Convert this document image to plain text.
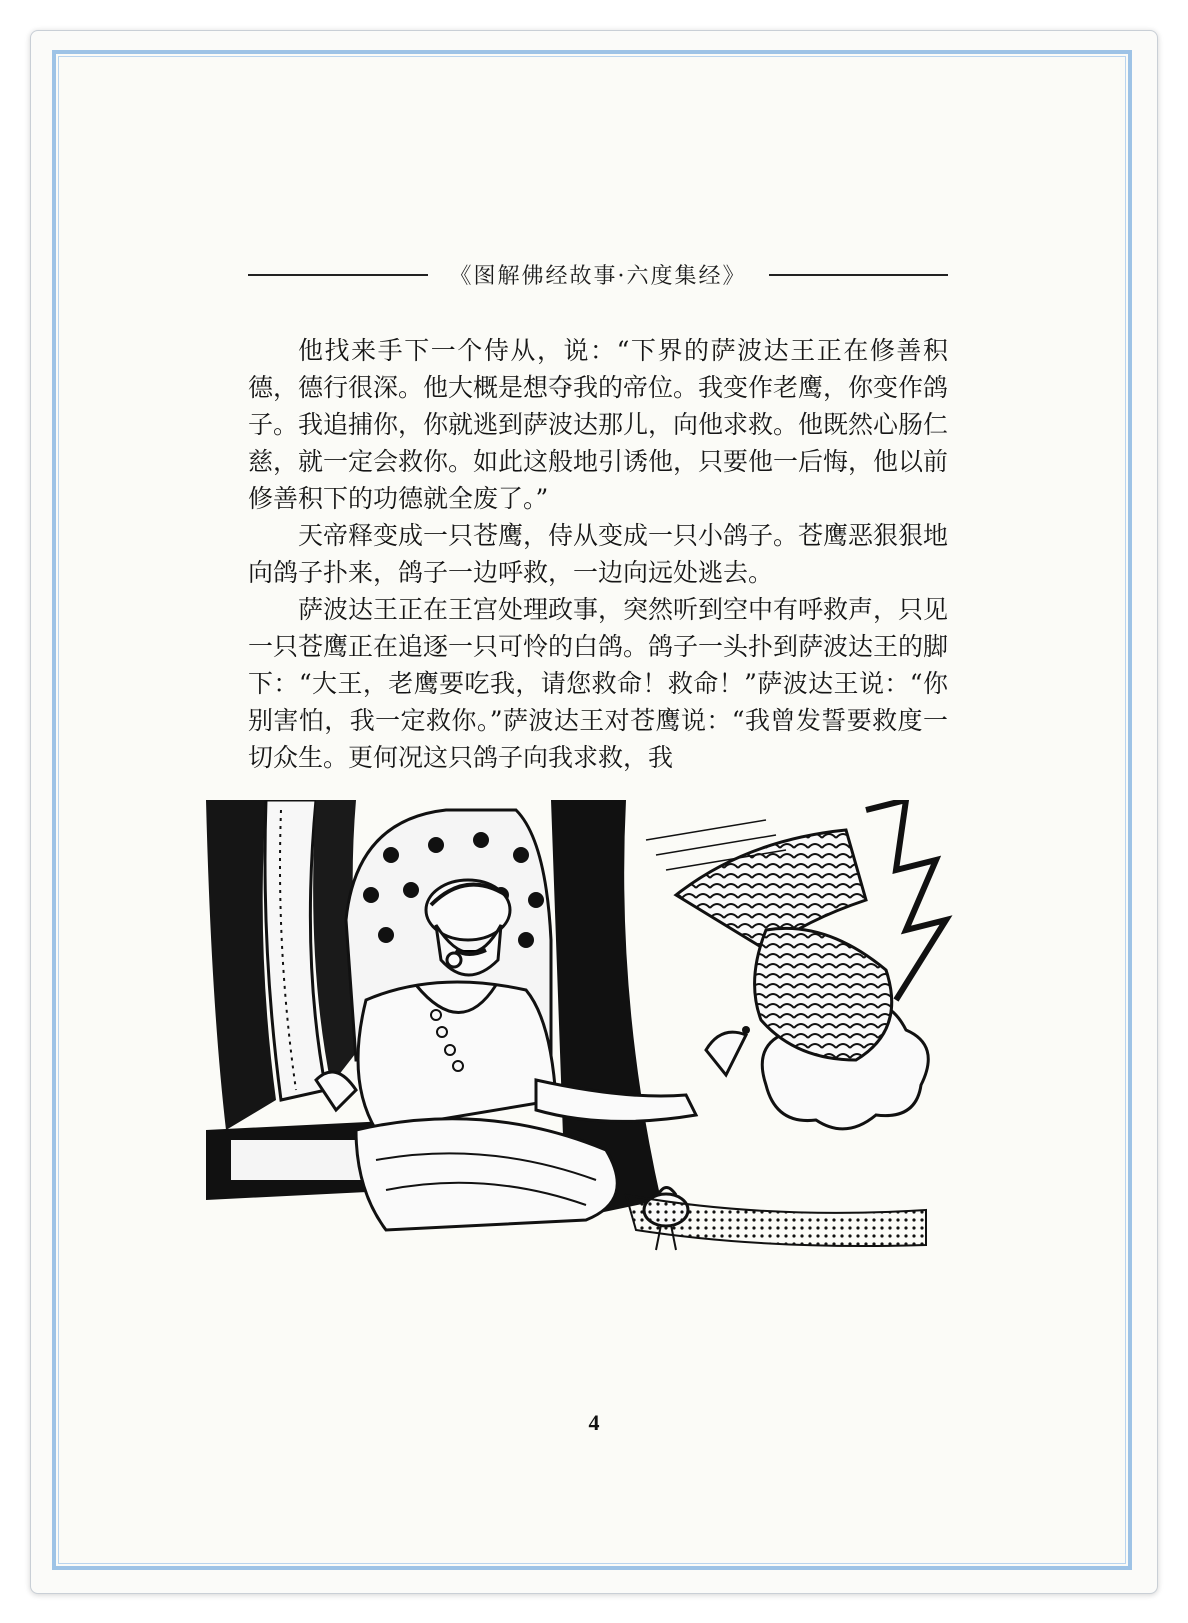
《图解佛经故事·六度集经》

他找来手下一个侍从，说：“下界的萨波达王正在修善积德，德行很深。他大概是想夺我的帝位。我变作老鹰，你变作鸽子。我追捕你，你就逃到萨波达那儿，向他求救。他既然心肠仁慈，就一定会救你。如此这般地引诱他，只要他一后悔，他以前修善积下的功德就全废了。”

天帝释变成一只苍鹰，侍从变成一只小鸽子。苍鹰恶狠狠地向鸽子扑来，鸽子一边呼救，一边向远处逃去。

萨波达王正在王宫处理政事，突然听到空中有呼救声，只见一只苍鹰正在追逐一只可怜的白鸽。鸽子一头扑到萨波达王的脚下：“大王，老鹰要吃我，请您救命！救命！”萨波达王说：“你别害怕，我一定救你。”萨波达王对苍鹰说：“我曾发誓要救度一切众生。更何况这只鸽子向我求救，我

4
